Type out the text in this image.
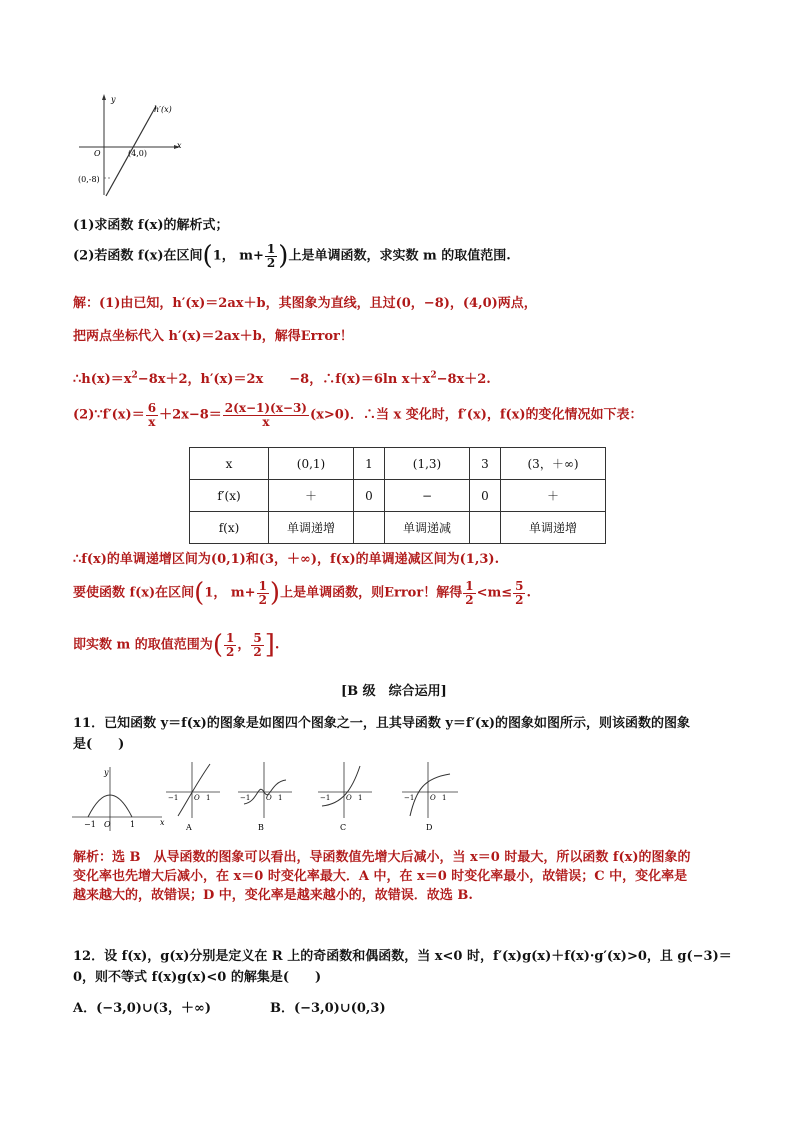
y
x
h′(x)
O	(4,0)
(0,-8)
(1)求函数 f(x)的解析式；
(2)若函数 f(x)在区间(1， $m+ \frac{1}{2}$ )上是单调函数，求实数 m 的取值范围.
解：(1)由已知，h′(x)＝2ax＋b，其图象为直线，且过(0，−8)，(4,0)两点，
把两点坐标代入 h′(x)＝2ax＋b，解得Error！
$\therefore h(x)=x^2-8x+2$，h′(x)＝2x −8，∴f(x)＝6ln $x+x^2-8x+2$.
(2)∵f′(x)＝ $\frac{6}{x} +2x-8= \frac{2(x-1)(x-3)}{x} (x>0)$．∴当 x 变化时，f′(x)，f(x)的变化情况如下表：
x	(0,1)	1	(1,3)	3	(3，＋∞)
f′(x)	＋	0	−	0	＋
f(x)	单调递增		单调递减		单调递增
∴f(x)的单调递增区间为(0,1)和(3，＋∞)，f(x)的单调递减区间为(1,3).
要使函数 f(x)在区间(1， $m+ \frac{1}{2}$ )上是单调函数，则Error！解得 $\frac{1}{2} <m\le \frac{5}{2}$ .
即实数 m 的取值范围为( $\frac{1}{2}$ ， $\frac{5}{2}$ ].
[B 级　综合运用]
11．已知函数 y＝f(x)的图象是如图四个图象之一，且其导函数 y＝f′(x)的图象如图所示，则该函数的图象
是(　　)
y
x
−1 O 1
−1 O 1
A
−1 O 1
B
−1 O 1
C
−1 O 1
D
解析：选 B　从导函数的图象可以看出，导函数值先增大后减小，当 x＝0 时最大，所以函数 f(x)的图象的
变化率也先增大后减小，在 x＝0 时变化率最大．A 中，在 x＝0 时变化率最小，故错误；C 中，变化率是
越来越大的，故错误；D 中，变化率是越来越小的，故错误．故选 B.
12．设 f(x)，g(x)分别是定义在 R 上的奇函数和偶函数，当 x<0 时，f′(x)g(x)＋f(x)·g′(x)>0，且 g(−3)＝
0，则不等式 f(x)g(x)<0 的解集是(　　)
A．(−3,0)∪(3，＋∞)	B．(−3,0)∪(0,3)
